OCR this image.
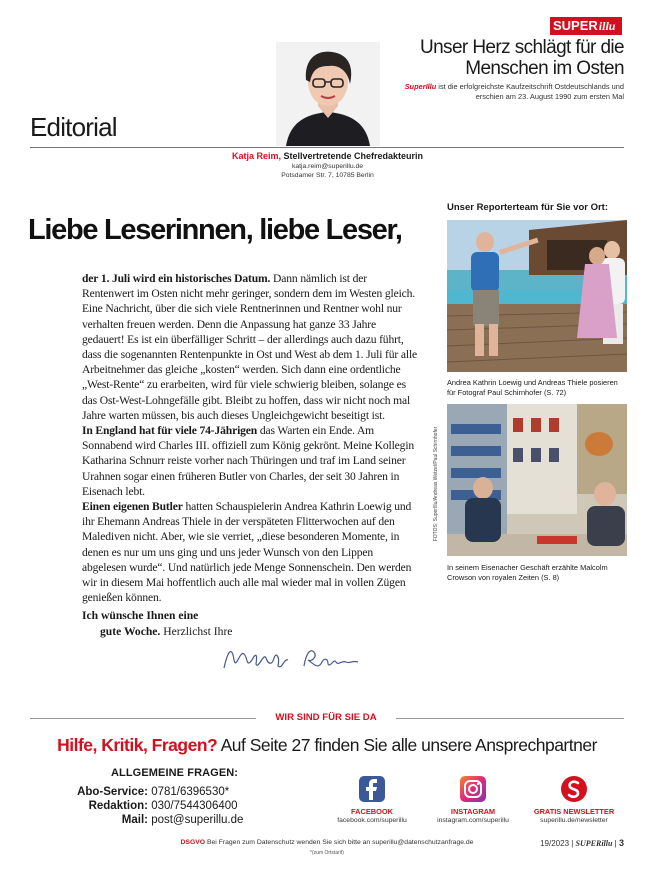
SUPERillu
Unser Herz schlägt für die Menschen im Osten
SuperIllu ist die erfolgreichste Kaufzeitschrift Ostdeutschlands und erschien am 23. August 1990 zum ersten Mal
Editorial
Katja Reim, Stellvertretende Chefredakteurin
katja.reim@superillu.de
Potsdamer Str. 7, 10785 Berlin
Liebe Leserinnen, liebe Leser,

der 1. Juli wird ein historisches Datum. Dann nämlich ist der Rentenwert im Osten nicht mehr geringer, sondern dem im Westen gleich. Eine Nachricht, über die sich viele Rentnerinnen und Rentner wohl nur verhalten freuen werden. Denn die Anpassung hat ganze 33 Jahre gedauert! Es ist ein überfälliger Schritt – der allerdings auch dazu führt, dass die sogenannten Rentenpunkte in Ost und West ab dem 1. Juli für alle Arbeitnehmer das gleiche „kosten“ werden. Sich dann eine ordentliche „West-Rente“ zu erarbeiten, wird für viele schwierig bleiben, solange es das Ost-West-Lohngefälle gibt. Bleibt zu hoffen, dass wir nicht noch mal Jahre warten müssen, bis auch dieses Ungleichgewicht beseitigt ist.

In England hat für viele 74-Jährigen das Warten ein Ende. Am Sonnabend wird Charles III. offiziell zum König gekrönt. Meine Kollegin Katharina Schnurr reiste vorher nach Thüringen und traf im Land seiner Urahnen sogar einen früheren Butler von Charles, der seit 30 Jahren in Eisenach lebt.

Einen eigenen Butler hatten Schauspielerin Andrea Kathrin Loewig und ihr Ehemann Andreas Thiele in der verspäteten Flitterwochen auf den Malediven nicht. Aber, wie sie verriet, „diese besonderen Momente, in denen es nur um uns ging und uns jeder Wunsch von den Lippen abgelesen wurde“. Und natürlich jede Menge Sonnenschein. Den werden wir in diesem Mai hoffentlich auch alle mal wieder mal in vollen Zügen genießen können.

Ich wünsche Ihnen eine
gute Woche. Herzlichst Ihre
Unser Reporterteam für Sie vor Ort:
Andrea Kathrin Loewig und Andreas Thiele posieren für Fotograf Paul Schirnhofer (S. 72)
In seinem Eisenacher Geschäft erzählte Malcolm Crowson von royalen Zeiten (S. 8)
FOTOS: SuperIllu/Andreas Wetzel/Paul Schirnhofer
WIR SIND FÜR SIE DA
Hilfe, Kritik, Fragen? Auf Seite 27 finden Sie alle unsere Ansprechpartner
ALLGEMEINE FRAGEN:
Abo-Service: 0781/6396530*
Redaktion: 030/7544306400
Mail: post@superillu.de
FACEBOOK
facebook.com/superillu
INSTAGRAM
instagram.com/superillu
GRATIS NEWSLETTER
superillu.de/newsletter
DSGVO Bei Fragen zum Datenschutz wenden Sie sich bitte an superillu@datenschutzanfrage.de
*(zum Ortstarif)
19/2023 | SUPERillu | 3
